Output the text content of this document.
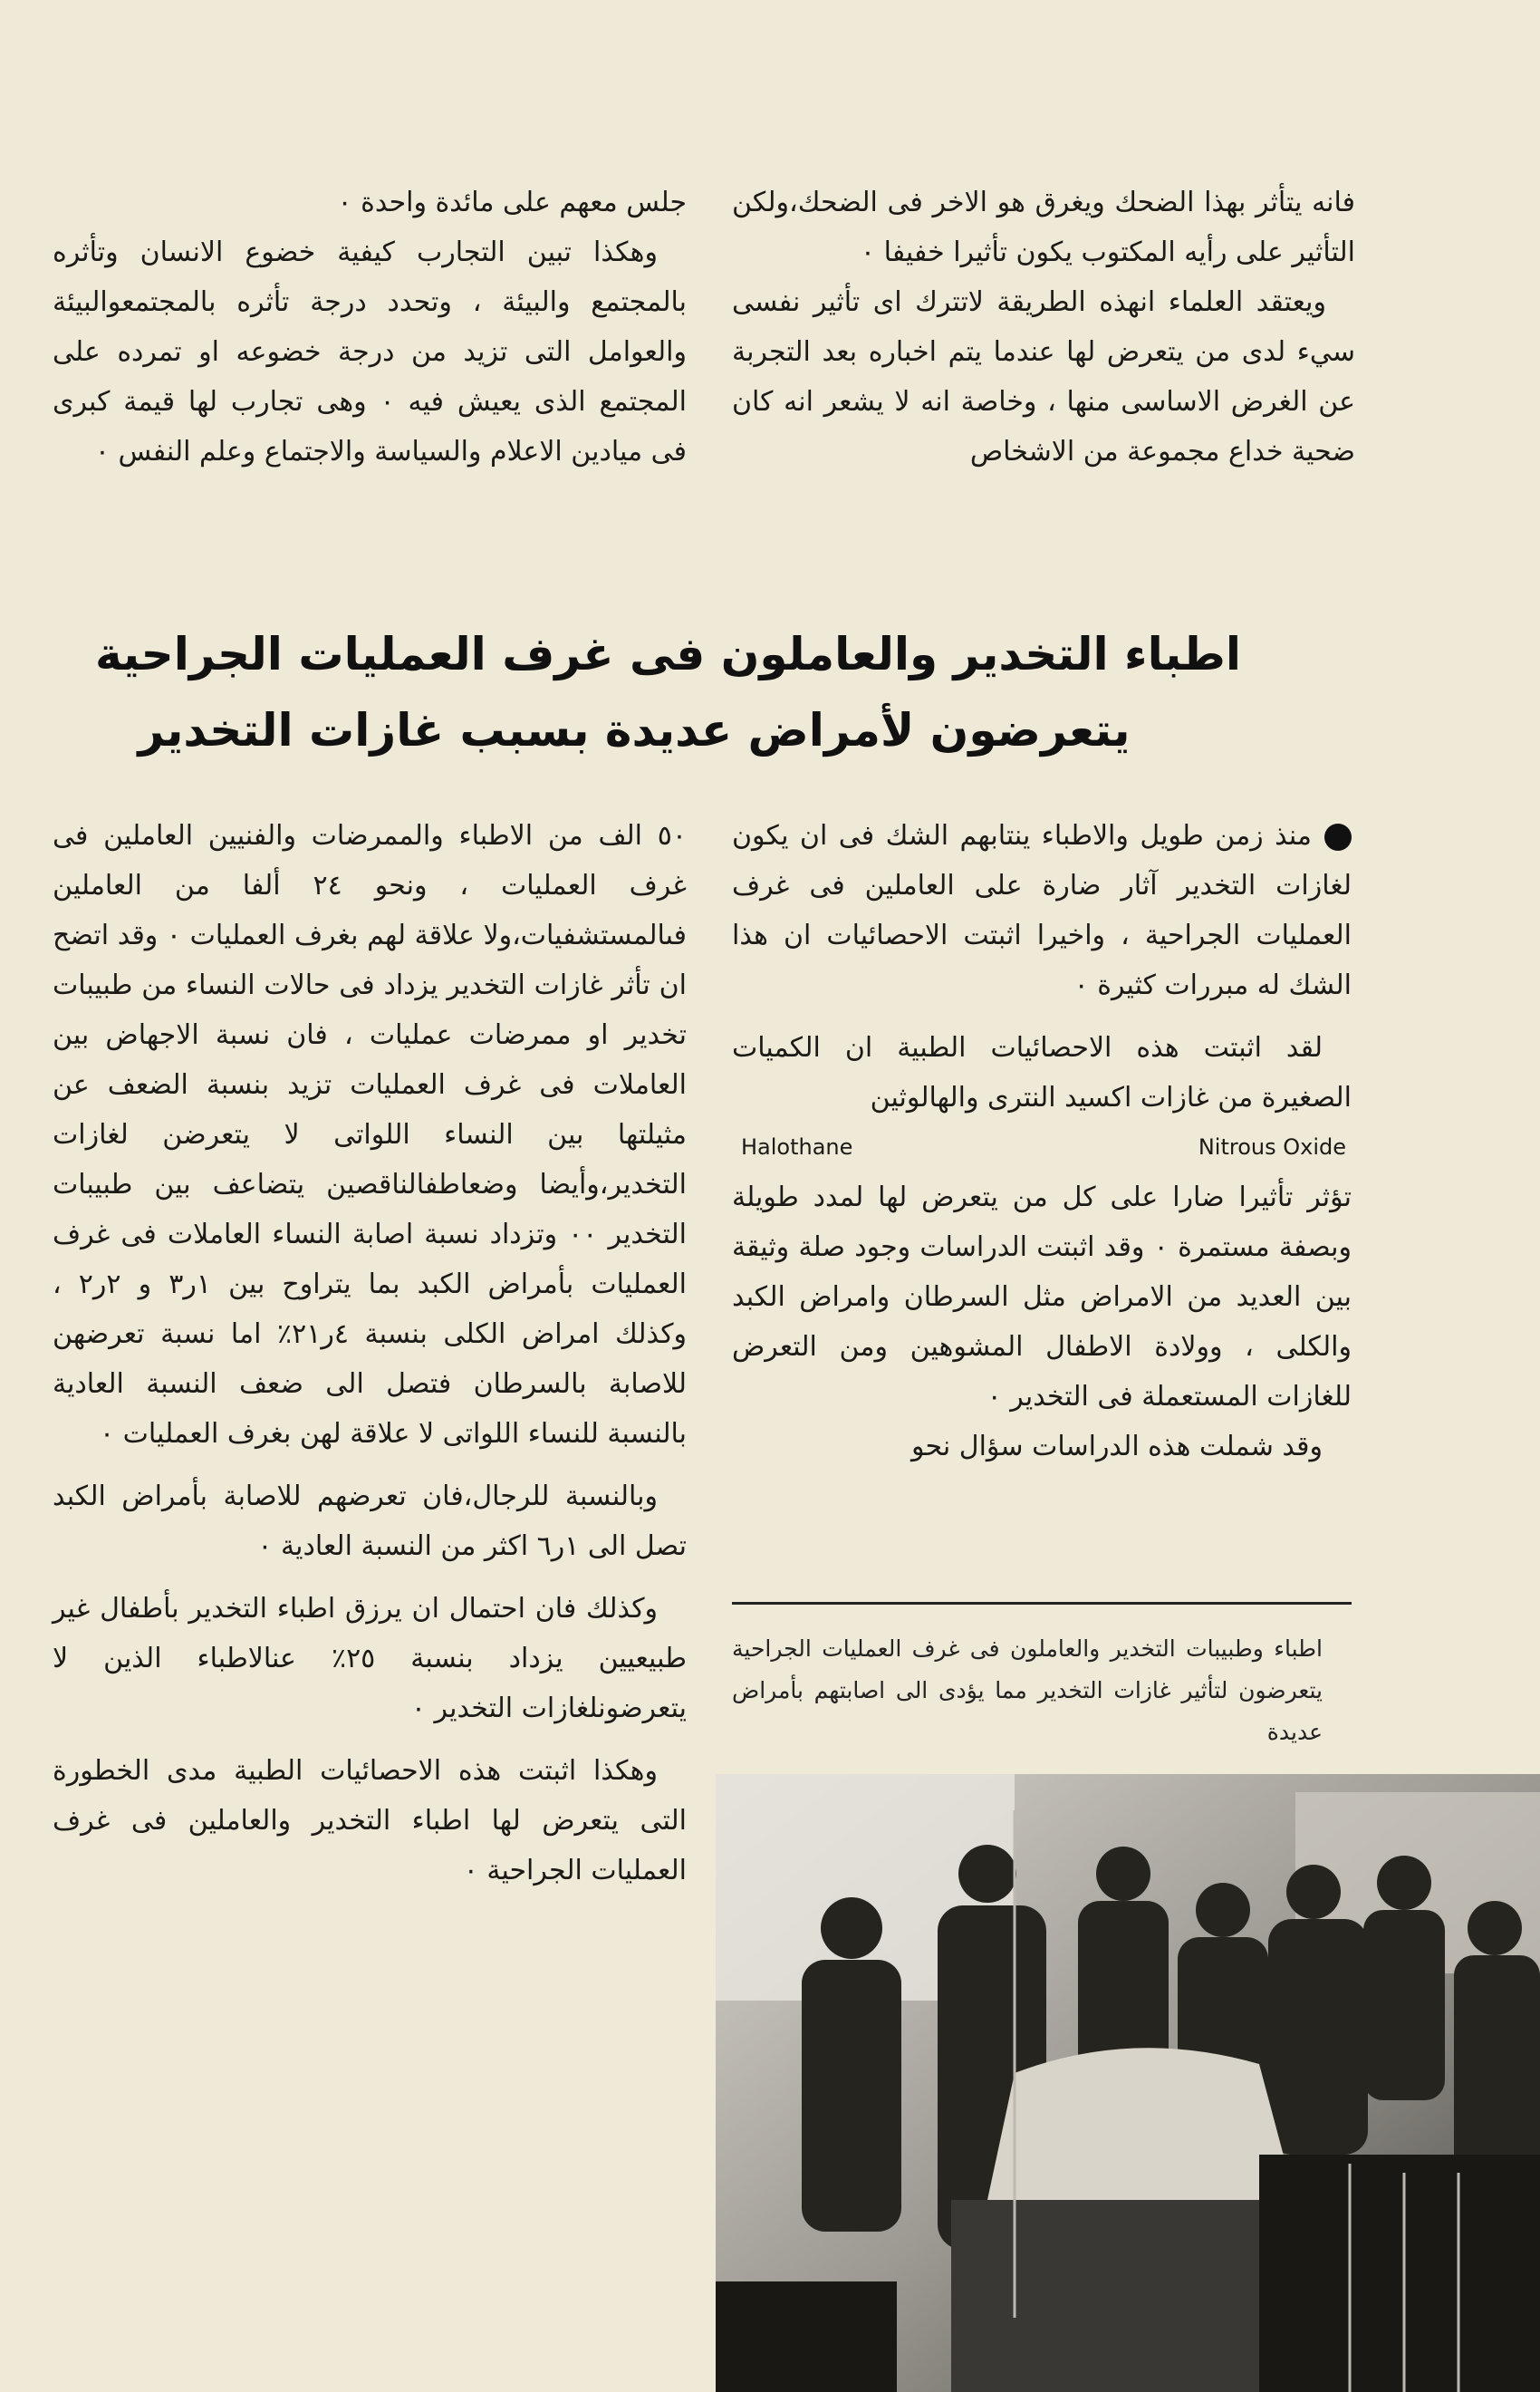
فانه يتأثر بهذا الضحك ويغرق هو الاخر فى الضحك،ولكن التأثير على رأيه المكتوب يكون تأثيرا خفيفا ٠

ويعتقد العلماء انهذه الطريقة لاتترك اى تأثير نفسى سيء لدى من يتعرض لها عندما يتم اخباره بعد التجربة عن الغرض الاساسى منها ، وخاصة انه لا يشعر انه كان ضحية خداع مجموعة من الاشخاص

جلس معهم على مائدة واحدة ٠

وهكذا تبين التجارب كيفية خضوع الانسان وتأثره بالمجتمع والبيئة ، وتحدد درجة تأثره بالمجتمعوالبيئة والعوامل التى تزيد من درجة خضوعه او تمرده على المجتمع الذى يعيش فيه ٠ وهى تجارب لها قيمة كبرى فى ميادين الاعلام والسياسة والاجتماع وعلم النفس ٠

اطباء التخدير والعاملون فى غرف العمليات الجراحية
يتعرضون لأمراض عديدة بسبب غازات التخدير

منذ زمن طويل والاطباء ينتابهم الشك فى ان يكون لغازات التخدير آثار ضارة على العاملين فى غرف العمليات الجراحية ، واخيرا اثبتت الاحصائيات ان هذا الشك له مبررات كثيرة ٠

لقد اثبتت هذه الاحصائيات الطبية ان الكميات الصغيرة من غازات اكسيد النترى والهالوثين

Halothane	Nitrous Oxide

تؤثر تأثيرا ضارا على كل من يتعرض لها لمدد طويلة وبصفة مستمرة ٠ وقد اثبتت الدراسات وجود صلة وثيقة بين العديد من الامراض مثل السرطان وامراض الكبد والكلى ، وولادة الاطفال المشوهين ومن التعرض للغازات المستعملة فى التخدير ٠

وقد شملت هذه الدراسات سؤال نحو

اطباء وطبيبات التخدير والعاملون فى غرف العمليات الجراحية يتعرضون لتأثير غازات التخدير مما يؤدى الى اصابتهم بأمراض عديدة

٥٠ الف من الاطباء والممرضات والفنيين العاملين فى غرف العمليات ، ونحو ٢٤ ألفا من العاملين فىالمستشفيات،ولا علاقة لهم بغرف العمليات ٠ وقد اتضح ان تأثر غازات التخدير يزداد فى حالات النساء من طبيبات تخدير او ممرضات عمليات ، فان نسبة الاجهاض بين العاملات فى غرف العمليات تزيد بنسبة الضعف عن مثيلتها بين النساء اللواتى لا يتعرضن لغازات التخدير،وأيضا وضعاطفالناقصين يتضاعف بين طبيبات التخدير ٠٠ وتزداد نسبة اصابة النساء العاملات فى غرف العمليات بأمراض الكبد بما يتراوح بين ١ر٣ و ٢ر٢ ، وكذلك امراض الكلى بنسبة ٤ر٢١٪ اما نسبة تعرضهن للاصابة بالسرطان فتصل الى ضعف النسبة العادية بالنسبة للنساء اللواتى لا علاقة لهن بغرف العمليات ٠

وبالنسبة للرجال،فان تعرضهم للاصابة بأمراض الكبد تصل الى ١ر٦ اكثر من النسبة العادية ٠

وكذلك فان احتمال ان يرزق اطباء التخدير بأطفال غير طبيعيين يزداد بنسبة ٢٥٪ عنالاطباء الذين لا يتعرضونلغازات التخدير ٠

وهكذا اثبتت هذه الاحصائيات الطبية مدى الخطورة التى يتعرض لها اطباء التخدير والعاملين فى غرف العمليات الجراحية ٠
